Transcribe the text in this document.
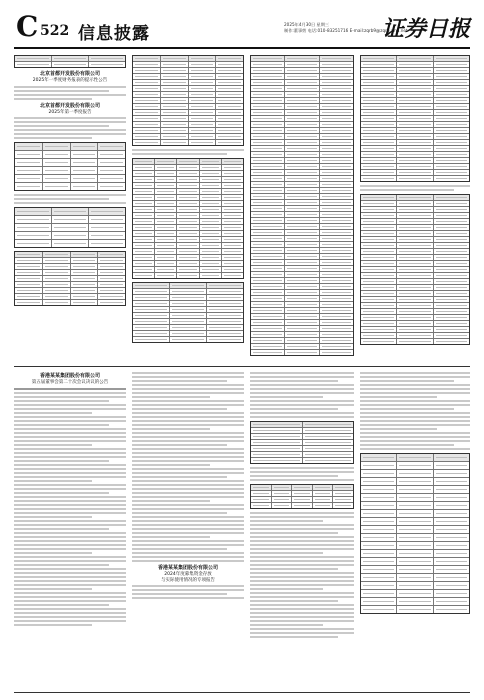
C 522 信息披露	2025年4月30日 星期三
制作:董事剪 电话:010-83251716 E-mail:zqrb9@zqrb.sina.net
证券日报
北京首都开发股份有限公司
2025年一季度财务报表的提示性公告
北京首都开发股份有限公司
2025年第一季度报告
香港某某集团股份有限公司
第五届董事会第二十次会议决议的公告
香港某某集团股份有限公司
2024年度募集资金存放
与实际使用情况的专项报告
